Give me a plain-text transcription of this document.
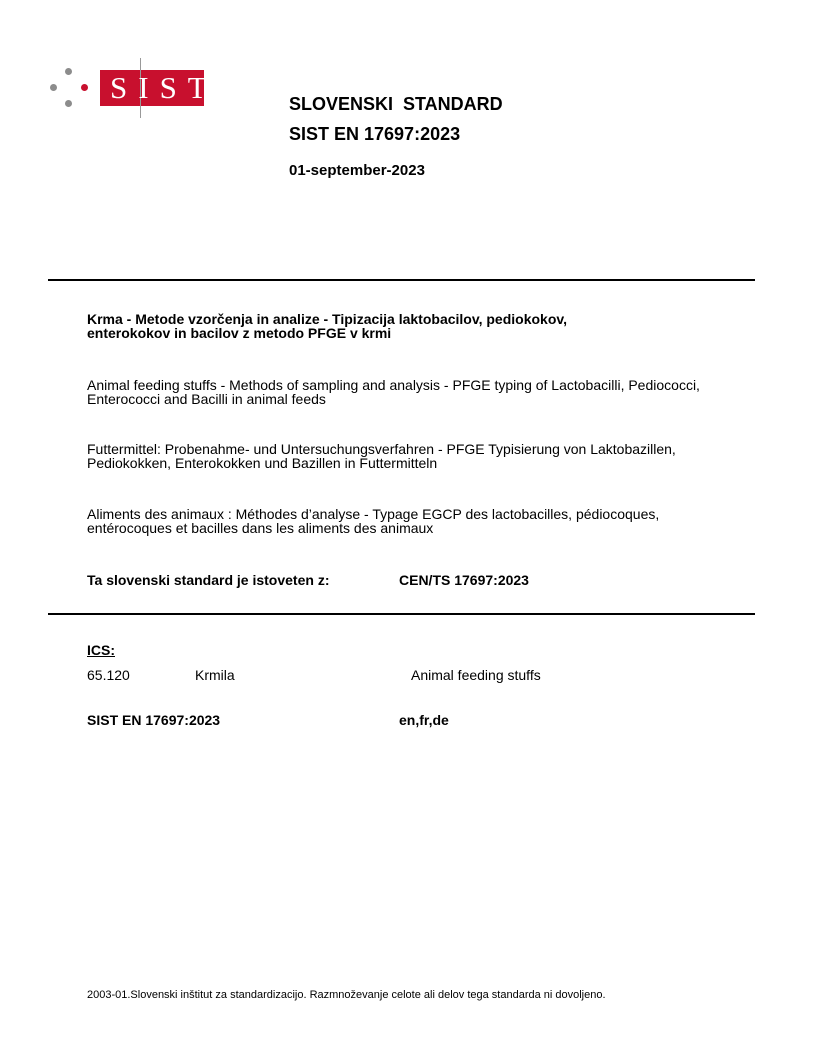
SIST	SLOVENSKI  STANDARD
SIST EN 17697:2023
01-september-2023
Krma - Metode vzorčenja in analize - Tipizacija laktobacilov, pediokokov, enterokokov in bacilov z metodo PFGE v krmi
Animal feeding stuffs - Methods of sampling and analysis - PFGE typing of Lactobacilli, Pediococci, Enterococci and Bacilli in animal feeds
Futtermittel: Probenahme- und Untersuchungsverfahren - PFGE Typisierung von Laktobazillen, Pediokokken, Enterokokken und Bazillen in Futtermitteln
Aliments des animaux : Méthodes d’analyse - Typage EGCP des lactobacilles, pédiocoques, entérocoques et bacilles dans les aliments des animaux
Ta slovenski standard je istoveten z:	CEN/TS 17697:2023
ICS:
65.120	Krmila	Animal feeding stuffs
SIST EN 17697:2023	en,fr,de
2003-01.Slovenski inštitut za standardizacijo. Razmnoževanje celote ali delov tega standarda ni dovoljeno.
